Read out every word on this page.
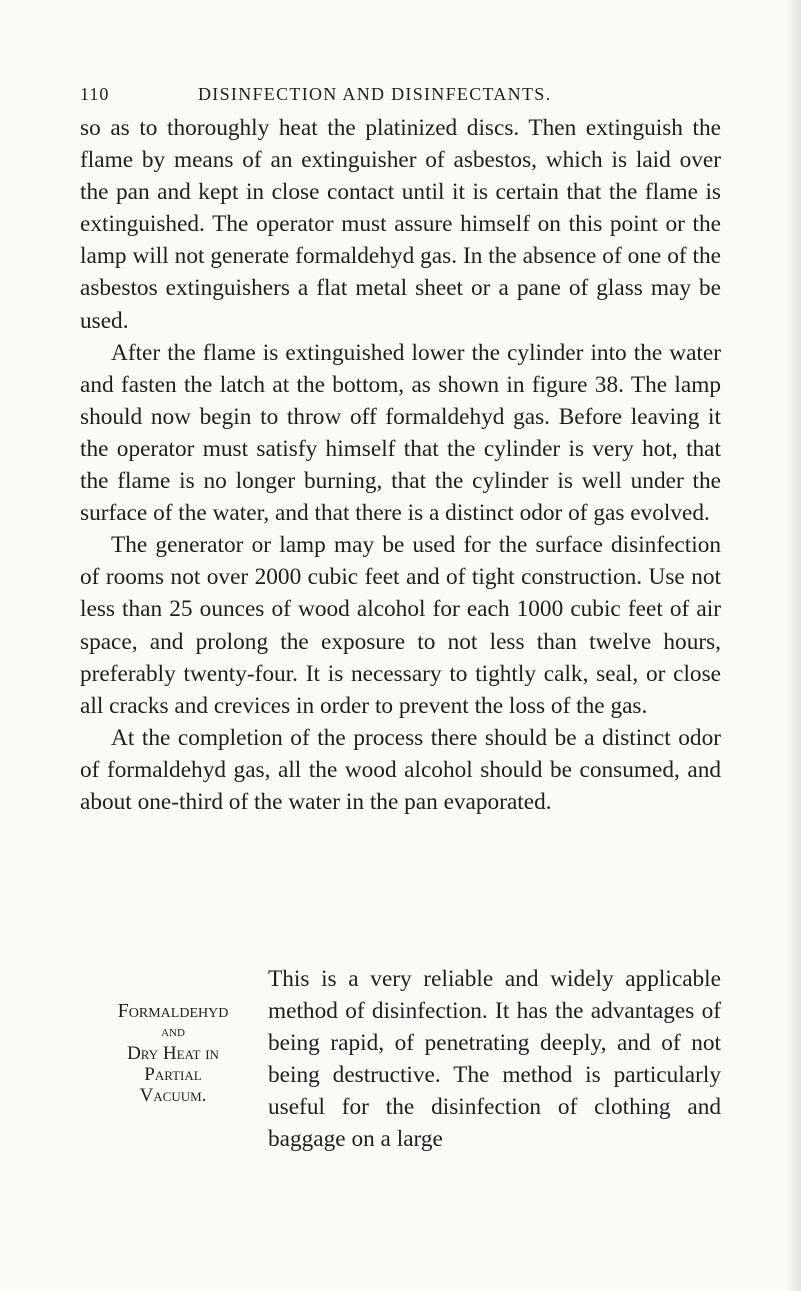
110	DISINFECTION AND DISINFECTANTS.

so as to thoroughly heat the platinized discs. Then extinguish the flame by means of an extinguisher of asbestos, which is laid over the pan and kept in close contact until it is certain that the flame is extinguished. The operator must assure himself on this point or the lamp will not generate formaldehyd gas. In the absence of one of the asbestos extinguishers a flat metal sheet or a pane of glass may be used.

After the flame is extinguished lower the cylinder into the water and fasten the latch at the bottom, as shown in figure 38. The lamp should now begin to throw off formaldehyd gas. Before leaving it the operator must satisfy himself that the cylinder is very hot, that the flame is no longer burning, that the cylinder is well under the surface of the water, and that there is a distinct odor of gas evolved.

The generator or lamp may be used for the surface disinfection of rooms not over 2000 cubic feet and of tight construction. Use not less than 25 ounces of wood alcohol for each 1000 cubic feet of air space, and prolong the exposure to not less than twelve hours, preferably twenty-four. It is necessary to tightly calk, seal, or close all cracks and crevices in order to prevent the loss of the gas.

At the completion of the process there should be a distinct odor of formaldehyd gas, all the wood alcohol should be consumed, and about one-third of the water in the pan evaporated.

Formaldehyd
and
Dry Heat in
Partial
Vacuum.

This is a very reliable and widely applicable method of disinfection. It has the advantages of being rapid, of penetrating deeply, and of not being destructive. The method is particularly useful for the disinfection of clothing and baggage on a large
